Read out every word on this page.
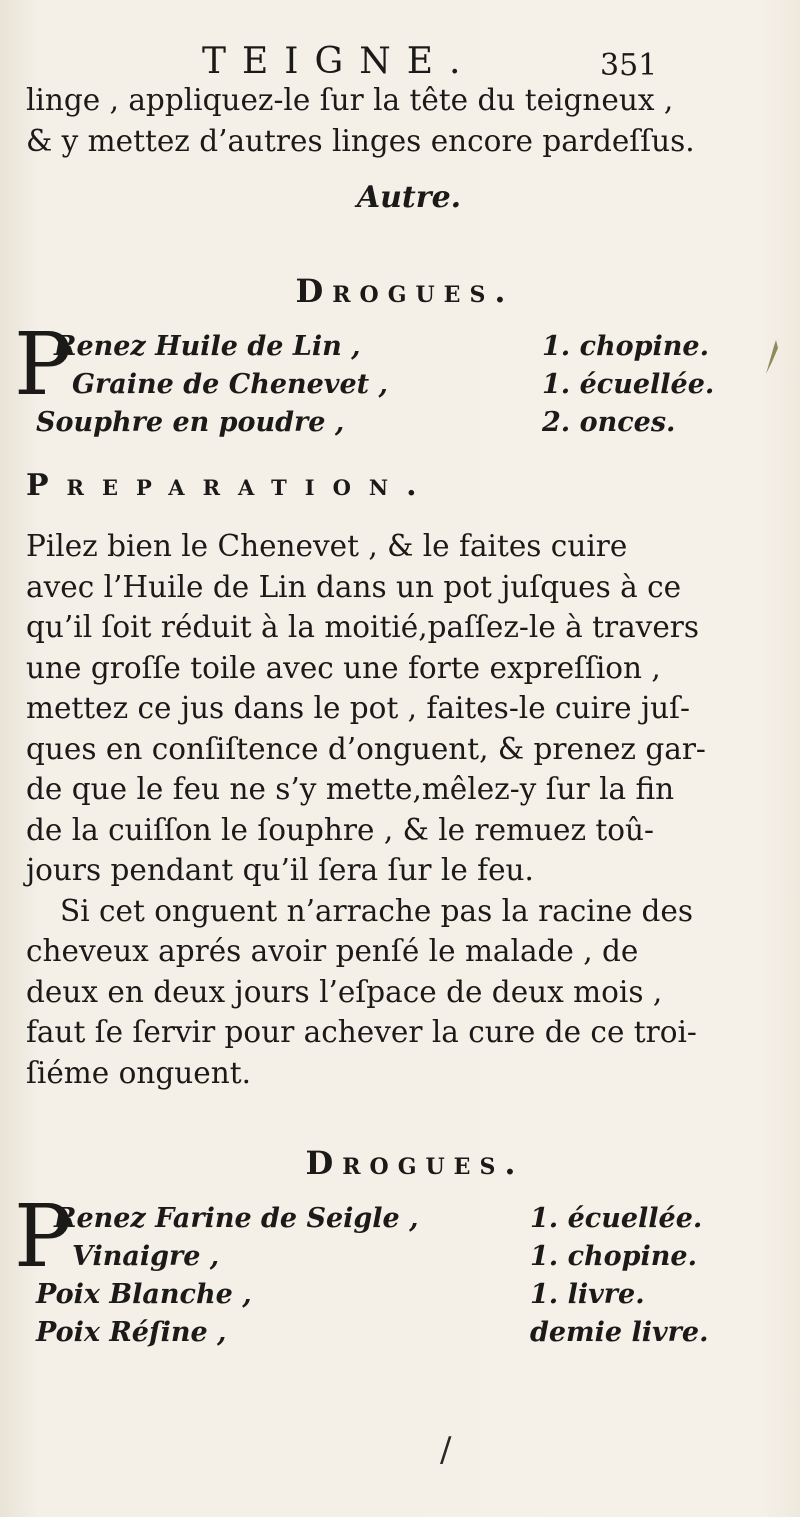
TEIGNE.	351
linge , appliquez-le ſur la tête du teigneux ,
& y mettez d’autres linges encore pardeſſus.
Autre.
Drogues.
P
Renez Huile de Lin ,	1. chopine.
Graine de Chenevet ,	1. écuellée.
Souphre en poudre ,	2. onces.
Preparation.
Pilez bien le Chenevet , & le faites cuire
avec l’Huile de Lin dans un pot juſques à ce
qu’il ſoit réduit à la moitié,paſſez-le à travers
une groſſe toile avec une forte expreſſion ,
mettez ce jus dans le pot , faites-le cuire juſ-
ques en conſiſtence d’onguent, & prenez gar-
de que le feu ne s’y mette,mêlez-y ſur la fin
de la cuiſſon le ſouphre , & le remuez toû-
jours pendant qu’il ſera ſur le feu.
Si cet onguent n’arrache pas la racine des
cheveux aprés avoir penſé le malade , de
deux en deux jours l’eſpace de deux mois ,
faut ſe ſervir pour achever la cure de ce troi-
ſiéme onguent.
Drogues.
P
Renez Farine de Seigle ,	1. écuellée.
Vinaigre ,	1. chopine.
Poix Blanche ,	1. livre.
Poix Réſine ,	demie livre.
/
